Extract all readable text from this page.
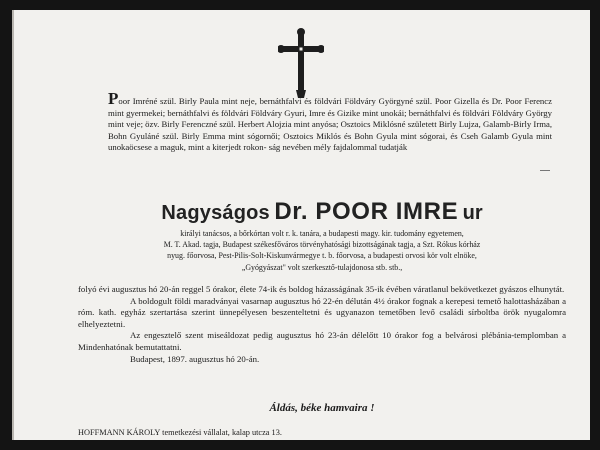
Poor Imréné szül. Birly Paula mint neje, bernáthfalvi és földvári Földváry Györgyné szül. Poor Gizella és Dr. Poor Ferencz mint gyermekei; bernáthfalvi és földvári Földváry Gyuri, Imre és Gizike mint unokái; bernáthfalvi és földvári Földváry György mint veje; özv. Birly Ferenczné szül. Herbert Alojzia mint anyósa; Osztoics Miklósné született Birly Lujza, Galamb-Birly Irma, Bohn Gyuláné szül. Birly Emma mint sógornői; Osztoics Miklós és Bohn Gyula mint sógorai, és Cseh Galamb Gyula mint unokaöcsese a maguk, mint a kiterjedt rokon- ság nevében mély fajdalommal tudatják
Nagyságos Dr. POOR IMRE ur
királyi tanácsos, a bőrkórtan volt r. k. tanára, a budapesti magy. kir. tudomány egyetemen,
M. T. Akad. tagja, Budapest székesfőváros törvényhatósági bizottságának tagja, a Szt. Rókus kórház
nyug. főorvosa, Pest-Pilis-Solt-Kiskunvármegye t. b. főorvosa, a budapesti orvosi kör volt elnöke,
„Gyógyászat" volt szerkesztő-tulajdonosa stb. stb.,

folyó évi augusztus hó 20-án reggel 5 órakor, élete 74-ik és boldog házasságának 35-ik évében váratlanul bekövetkezet gyászos elhunytát.

A boldogult földi maradványai vasarnap augusztus hó 22-én délután 4½ órakor fognak a kerepesi temető halottasházában a róm. kath. egyház szertartása szerint ünnepélyesen beszenteltetni és ugyanazon temetőben levő családi sírboltba örök nyugalomra elhelyeztetni.

Az engesztelő szent miseáldozat pedig augusztus hó 23-án délelőtt 10 órakor fog a belvárosi plébánia-templomban a Mindenhatónak bemutattatni.

Budapest, 1897. augusztus hó 20-án.

Áldás, béke hamvaira !
HOFFMANN KÁROLY temetkezési vállalat, kalap utcza 13.
